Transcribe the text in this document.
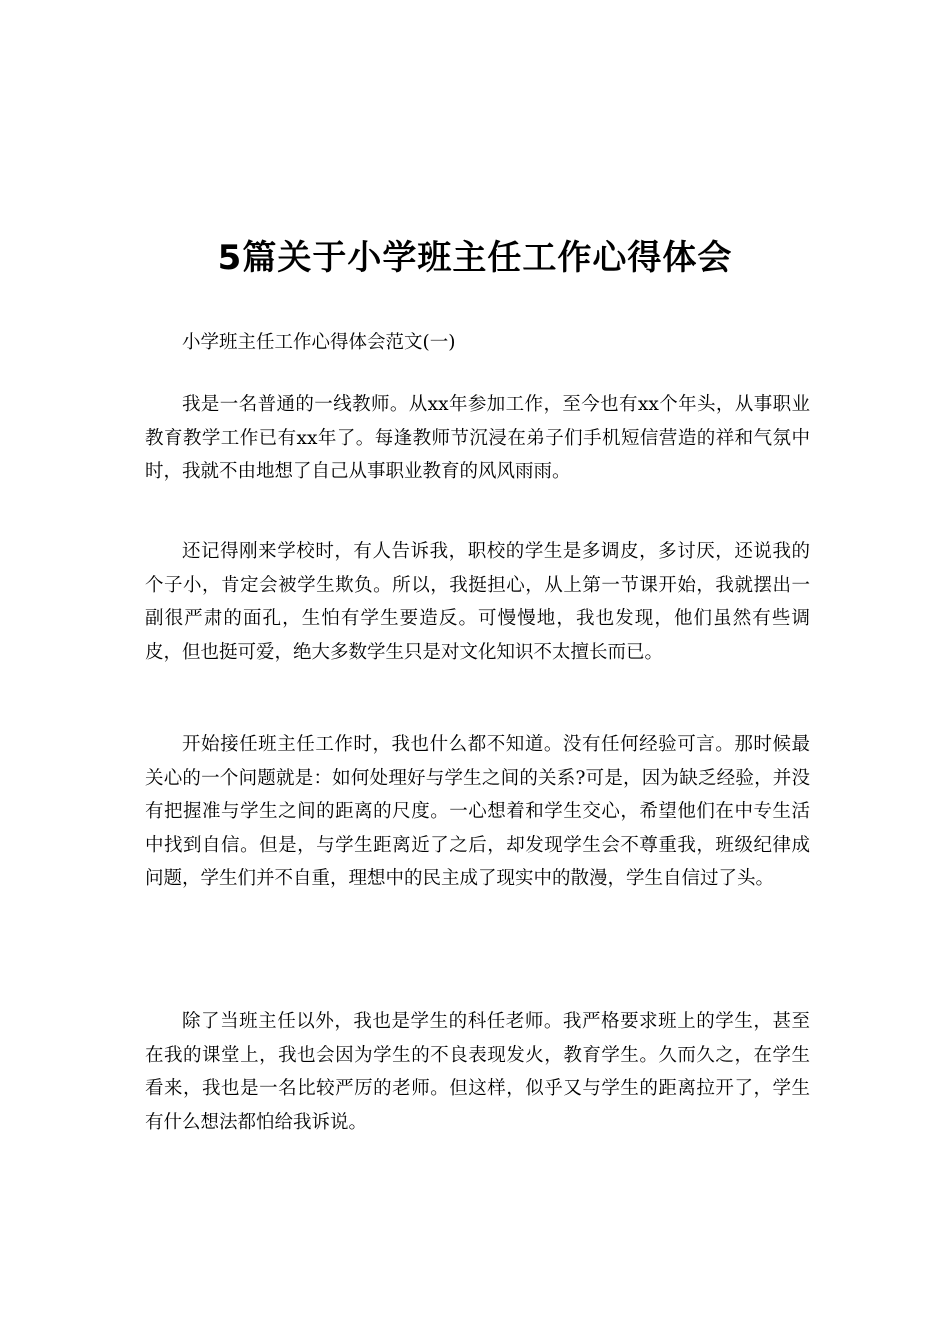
5篇关于小学班主任工作心得体会

小学班主任工作心得体会范文(一)

我是一名普通的一线教师。从xx年参加工作，至今也有xx个年头，从事职业教育教学工作已有xx年了。每逢教师节沉浸在弟子们手机短信营造的祥和气氛中时，我就不由地想了自己从事职业教育的风风雨雨。

还记得刚来学校时，有人告诉我，职校的学生是多调皮，多讨厌，还说我的个子小，肯定会被学生欺负。所以，我挺担心，从上第一节课开始，我就摆出一副很严肃的面孔，生怕有学生要造反。可慢慢地，我也发现，他们虽然有些调皮，但也挺可爱，绝大多数学生只是对文化知识不太擅长而已。

开始接任班主任工作时，我也什么都不知道。没有任何经验可言。那时候最关心的一个问题就是：如何处理好与学生之间的关系?可是，因为缺乏经验，并没有把握准与学生之间的距离的尺度。一心想着和学生交心，希望他们在中专生活中找到自信。但是，与学生距离近了之后，却发现学生会不尊重我，班级纪律成问题，学生们并不自重，理想中的民主成了现实中的散漫，学生自信过了头。

除了当班主任以外，我也是学生的科任老师。我严格要求班上的学生，甚至在我的课堂上，我也会因为学生的不良表现发火，教育学生。久而久之，在学生看来，我也是一名比较严厉的老师。但这样，似乎又与学生的距离拉开了，学生有什么想法都怕给我诉说。
